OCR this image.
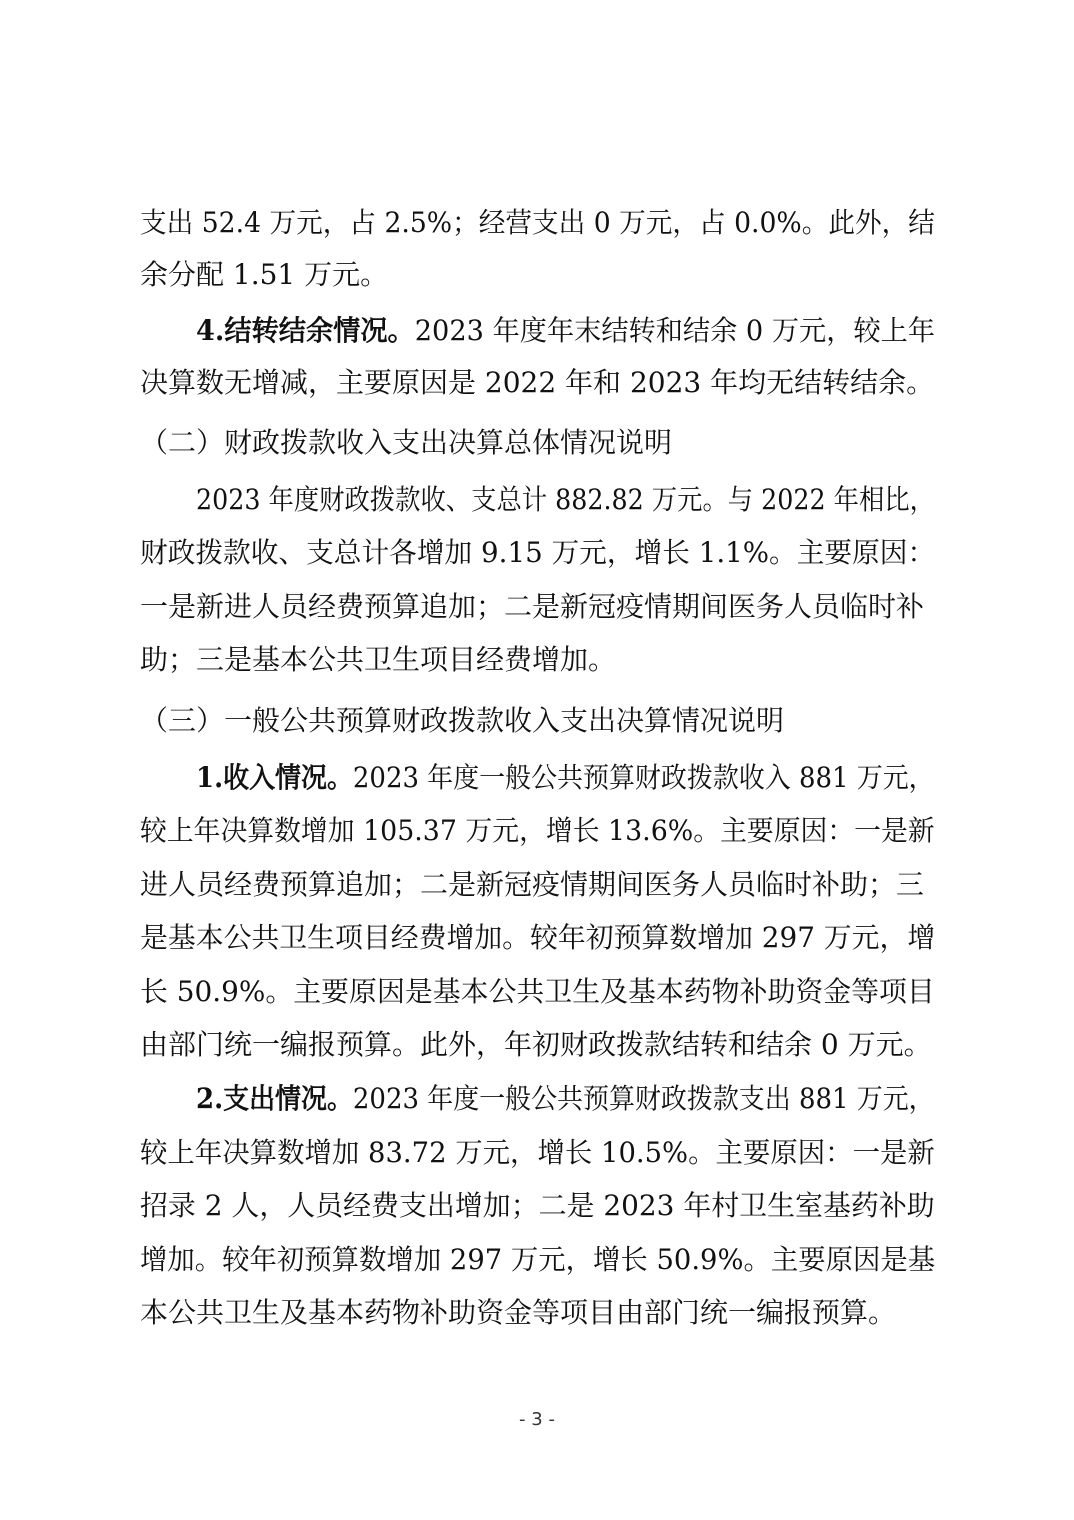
支出 52.4 万元，占 2.5%；经营支出 0 万元，占 0.0%。此外，结
余分配 1.51 万元。
4.结转结余情况。2023 年度年末结转和结余 0 万元，较上年
决算数无增减，主要原因是 2022 年和 2023 年均无结转结余。
（二）财政拨款收入支出决算总体情况说明
2023 年度财政拨款收、支总计 882.82 万元。与 2022 年相比，
财政拨款收、支总计各增加 9.15 万元，增长 1.1%。主要原因：
一是新进人员经费预算追加；二是新冠疫情期间医务人员临时补
助；三是基本公共卫生项目经费增加。
（三）一般公共预算财政拨款收入支出决算情况说明
1.收入情况。2023 年度一般公共预算财政拨款收入 881 万元，
较上年决算数增加 105.37 万元，增长 13.6%。主要原因：一是新
进人员经费预算追加；二是新冠疫情期间医务人员临时补助；三
是基本公共卫生项目经费增加。较年初预算数增加 297 万元，增
长 50.9%。主要原因是基本公共卫生及基本药物补助资金等项目
由部门统一编报预算。此外，年初财政拨款结转和结余 0 万元。
2.支出情况。2023 年度一般公共预算财政拨款支出 881 万元，
较上年决算数增加 83.72 万元，增长 10.5%。主要原因：一是新
招录 2 人，人员经费支出增加；二是 2023 年村卫生室基药补助
增加。较年初预算数增加 297 万元，增长 50.9%。主要原因是基
本公共卫生及基本药物补助资金等项目由部门统一编报预算。
- 3 -
